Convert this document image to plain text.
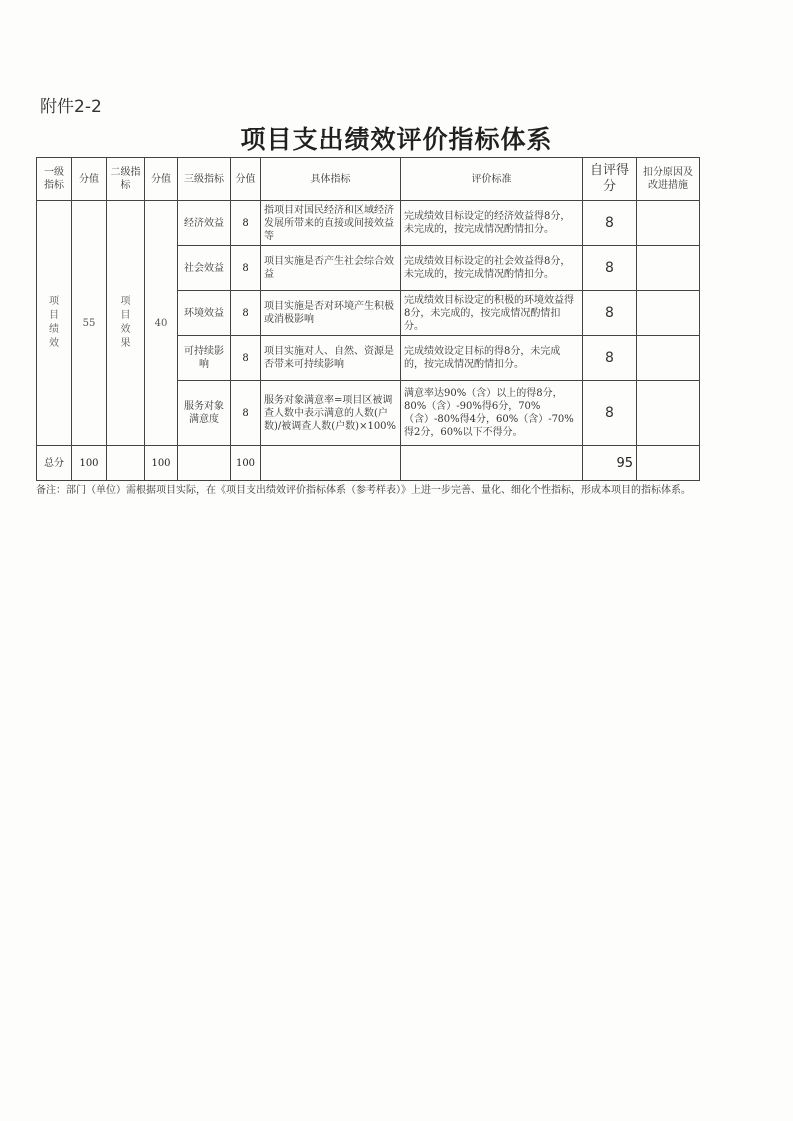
附件2-2
项目支出绩效评价指标体系
一级指标	分值	二级指标	分值	三级指标	分值	具体指标	评价标准	自评得分	扣分原因及改进措施
项目绩效	55	项目效果	40	经济效益	8	指项目对国民经济和区域经济发展所带来的直接或间接效益等	完成绩效目标设定的经济效益得8分，未完成的，按完成情况酌情扣分。	8	
				社会效益	8	项目实施是否产生社会综合效益	完成绩效目标设定的社会效益得8分，未完成的，按完成情况酌情扣分。	8	
				环境效益	8	项目实施是否对环境产生积极或消极影响	完成绩效目标设定的积极的环境效益得8分，未完成的，按完成情况酌情扣分。	8	
				可持续影响	8	项目实施对人、自然、资源是否带来可持续影响	完成绩效设定目标的得8分，未完成的，按完成情况酌情扣分。	8	
				服务对象满意度	8	服务对象满意率=项目区被调查人数中表示满意的人数(户数)/被调查人数(户数)×100%	满意率达90%（含）以上的得8分，80%（含）-90%得6分，70%（含）-80%得4分，60%（含）-70%得2分，60%以下不得分。	8	
总分	100		100		100			95	
备注：部门（单位）需根据项目实际，在《项目支出绩效评价指标体系（参考样表）》上进一步完善、量化、细化个性指标，形成本项目的指标体系。
